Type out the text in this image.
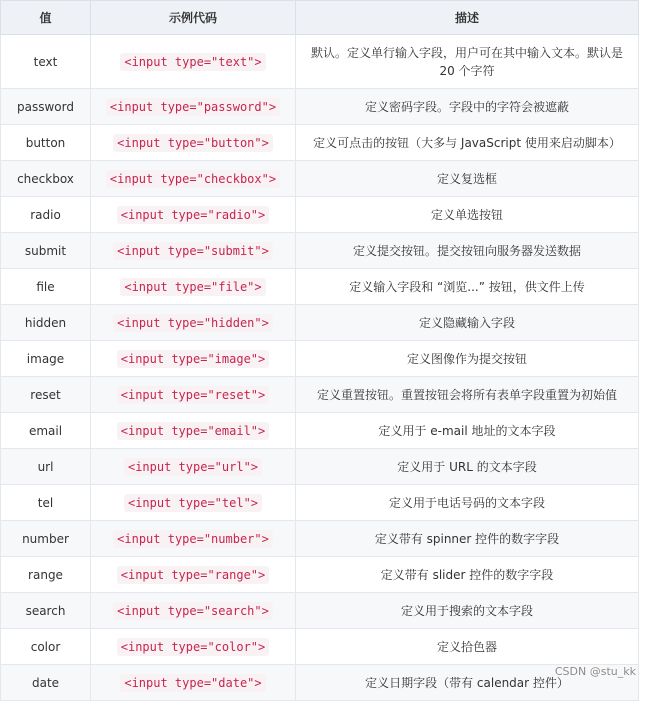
值	示例代码	描述
text	<input type="text">	默认。定义单行输入字段，用户可在其中输入文本。默认是 20 个字符
password	<input type="password">	定义密码字段。字段中的字符会被遮蔽
button	<input type="button">	定义可点击的按钮（大多与 JavaScript 使用来启动脚本）
checkbox	<input type="checkbox">	定义复选框
radio	<input type="radio">	定义单选按钮
submit	<input type="submit">	定义提交按钮。提交按钮向服务器发送数据
file	<input type="file">	定义输入字段和 “浏览...” 按钮，供文件上传
hidden	<input type="hidden">	定义隐藏输入字段
image	<input type="image">	定义图像作为提交按钮
reset	<input type="reset">	定义重置按钮。重置按钮会将所有表单字段重置为初始值
email	<input type="email">	定义用于 e-mail 地址的文本字段
url	<input type="url">	定义用于 URL 的文本字段
tel	<input type="tel">	定义用于电话号码的文本字段
number	<input type="number">	定义带有 spinner 控件的数字字段
range	<input type="range">	定义带有 slider 控件的数字字段
search	<input type="search">	定义用于搜索的文本字段
color	<input type="color">	定义拾色器
date	<input type="date">	定义日期字段（带有 calendar 控件）
CSDN @stu_kk
